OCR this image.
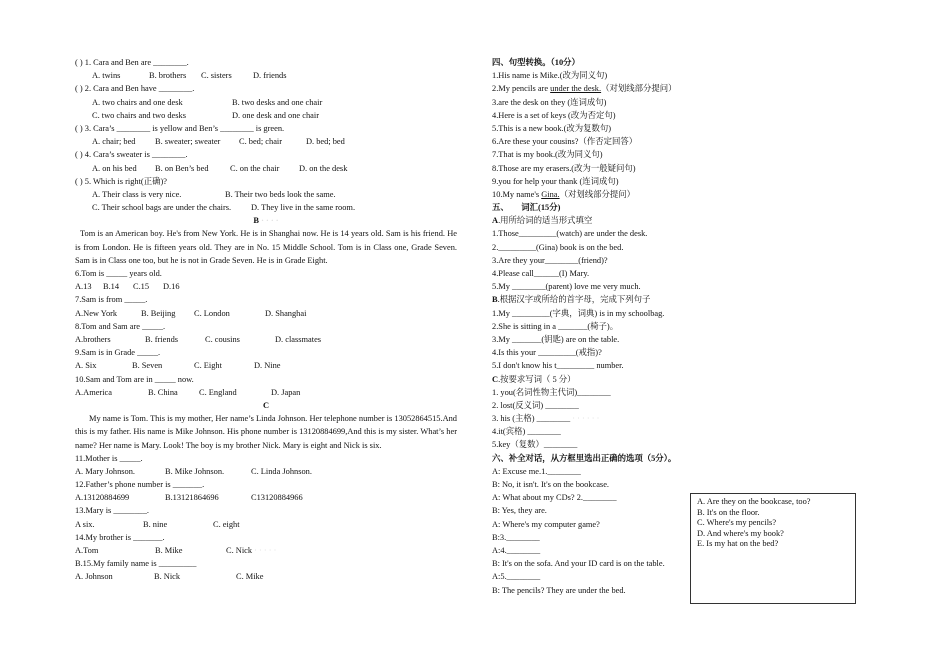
( ) 1. Cara and Ben are ________.
A. twins	B. brothers C. sisters	D. friends
( ) 2. Cara and Ben have ________.
A. two chairs and one desk	B. two desks and one chair
C. two chairs and two desks	D. one desk and one chair
( ) 3. Cara’s ________ is yellow and Ben’s ________ is green.
A. chair; bed B. sweater; sweater C. bed; chair	D. bed; bed
( ) 4. Cara’s sweater is ________.
A. on his bed B. on Ben’s bed	C. on the chair D. on the desk
( ) 5. Which is right(正确)?
A. Their class is very nice.	B. Their two beds look the same.
C. Their school bags are under the chairs. D. They live in the same room.
B · · · ·

Tom is an American boy. He's from New York. He is in Shanghai now. He is 14 years old. Sam is his friend. He is from London. He is fifteen years old. They are in No. 15 Middle School. Tom is in Class one, Grade Seven. Sam is in Class one too, but he is not in Grade Seven. He is in Grade Eight.

6.Tom is _____ years old.
A.13 B.14 C.15 D.16
7.Sam is from _____.
A.New York	B. Beijing C. London	D. Shanghai
8.Tom and Sam are _____.
A.brothers	B. friends	C. cousins	D. classmates
9.Sam is in Grade _____.
A. Six	B. Seven	C. Eight	D. Nine
10.Sam and Tom are in _____ now.
A.America	B. China	C. England	D. Japan
C

My name is Tom. This is my mother, Her name’s Linda Johnson. Her telephone number is 13052864515.And this is my father. His name is Mike Johnson. His phone number is 13120884699,And this is my sister. What’s her name? Her name is Mary. Look! The boy is my brother Nick. Mary is eight and Nick is six.

11.Mother is _____.
A. Mary Johnson.	B. Mike Johnson.	C. Linda Johnson.
12.Father’s phone number is _______.
A.13120884699	B.13121864696	C13120884966
13.Mary is ________.
A six.	B. nine	C. eight
14.My brother is _______.
A.Tom	B. Mike	C. Nick · · · · ·
B.15.My family name is _________
A. Johnson	B. Nick	C. Mike
四、句型转换。（10分）
1.His name is Mike.(改为同义句)
2.My pencils are under the desk.（对划线部分提问）
3.are the desk on they (连词成句)
4.Here is a set of keys (改为否定句)
5.This is a new book.(改为复数句)
6.Are these your cousins?（作否定回答）
7.That is my book.(改为同义句)
8.Those are my erasers.(改为一般疑问句)
9.you for help your thank (连词成句)
10.My name's Gina.（对划线部分提问）
五、      词汇(15分)
A.用所给词的适当形式填空
1.Those_________(watch) are under the desk.
2._________(Gina) book is on the bed.
3.Are they your________(friend)?
4.Please call______(I) Mary.
5.My ________(parent) love me very much.
B.根据汉字或所给的首字母，完成下列句子
1.My _________(字典，词典) is in my schoolbag.
2.She is sitting in a _______(椅子)。
3.My _______(钥匙) are on the table.
4.Is this your _________(戒指)?
5.I don't know his t_________ number.
C.按要求写词（ 5 分）
1. you(名词性物主代词)________
2. lost(反义词) ________
3. his (主格) ________ · · · · · ·
4.it(宾格) ________
5.key（复数）________
六、补全对话，从方框里选出正确的选项（5分）。
A: Excuse me.1.________
B: No, it isn't. It's on the bookcase.
A: What about my CDs? 2.________
B: Yes, they are.
A: Where's my computer game?
B:3.________
A:4.________
B: It's on the sofa. And your ID card is on the table.
A:5.________
B: The pencils? They are under the bed.
A. Are they on the bookcase, too?
B. It's on the floor.
C. Where's my pencils?
D. And where's my book?
E. Is my hat on the bed?
